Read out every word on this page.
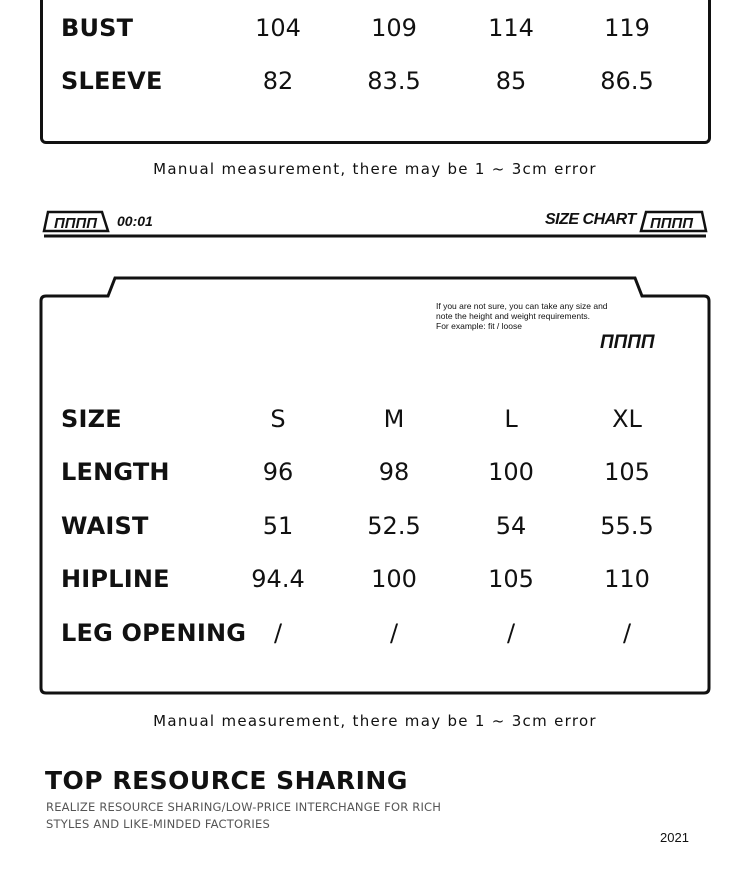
BUST	104	109	114	119
SLEEVE	82	83.5	85	86.5
Manual measurement, there may be 1 ~ 3cm error
ΠΠΠΠ 00:01	SIZE CHART ΠΠΠΠ
If you are not sure, you can take any size and
note the height and weight requirements.
For example: fit / loose
ΠΠΠΠ
SIZE	S	M	L	XL
LENGTH	96	98	100	105
WAIST	51	52.5	54	55.5
HIPLINE	94.4	100	105	110
LEG OPENING	/	/	/	/
Manual measurement, there may be 1 ~ 3cm error
TOP RESOURCE SHARING
REALIZE RESOURCE SHARING/LOW-PRICE INTERCHANGE FOR RICH
STYLES AND LIKE-MINDED FACTORIES
2021
